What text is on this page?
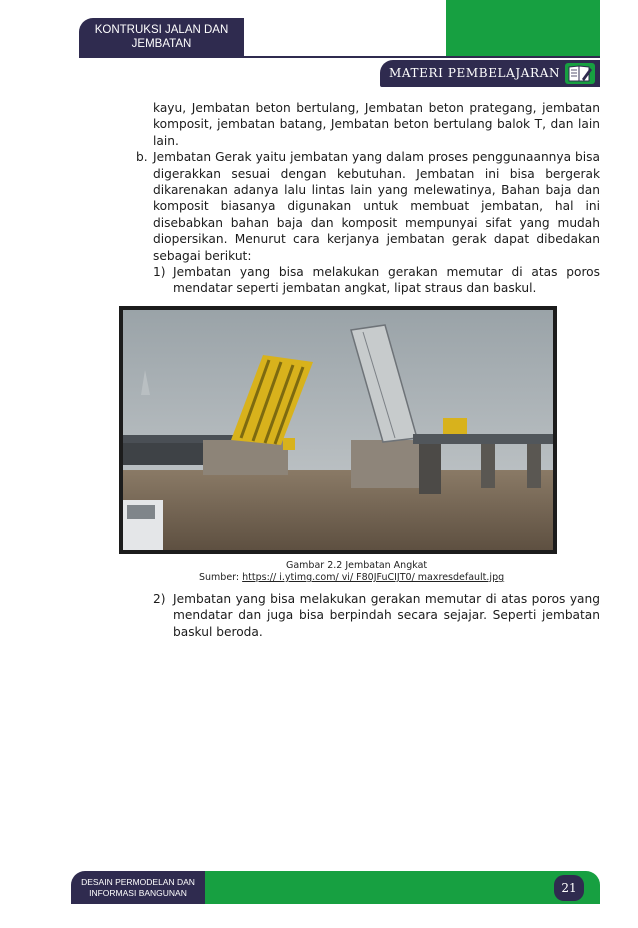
KONTRUKSI JALAN DAN
JEMBATAN
MATERI PEMBELAJARAN

kayu, Jembatan beton bertulang, Jembatan beton prategang, jembatan komposit, jembatan batang, Jembatan beton bertulang balok T, dan lain lain.

b. Jembatan Gerak yaitu jembatan yang dalam proses penggunaannya bisa digerakkan sesuai dengan kebutuhan. Jembatan ini bisa bergerak dikarenakan adanya lalu lintas lain yang melewatinya, Bahan baja dan komposit biasanya digunakan untuk membuat jembatan, hal ini disebabkan bahan baja dan komposit mempunyai sifat yang mudah diopersikan. Menurut cara kerjanya jembatan gerak dapat dibedakan sebagai berikut:

1) Jembatan yang bisa melakukan gerakan memutar di atas poros mendatar seperti jembatan angkat, lipat straus dan baskul.

Gambar 2.2 Jembatan Angkat
Sumber: https:// i.ytimg.com/ vi/ F80JFuCIJT0/ maxresdefault.jpg
2) Jembatan yang bisa melakukan gerakan memutar di atas poros yang mendatar dan juga bisa berpindah secara sejajar. Seperti jembatan baskul beroda.

DESAIN PERMODELAN DAN
INFORMASI BANGUNAN	21
